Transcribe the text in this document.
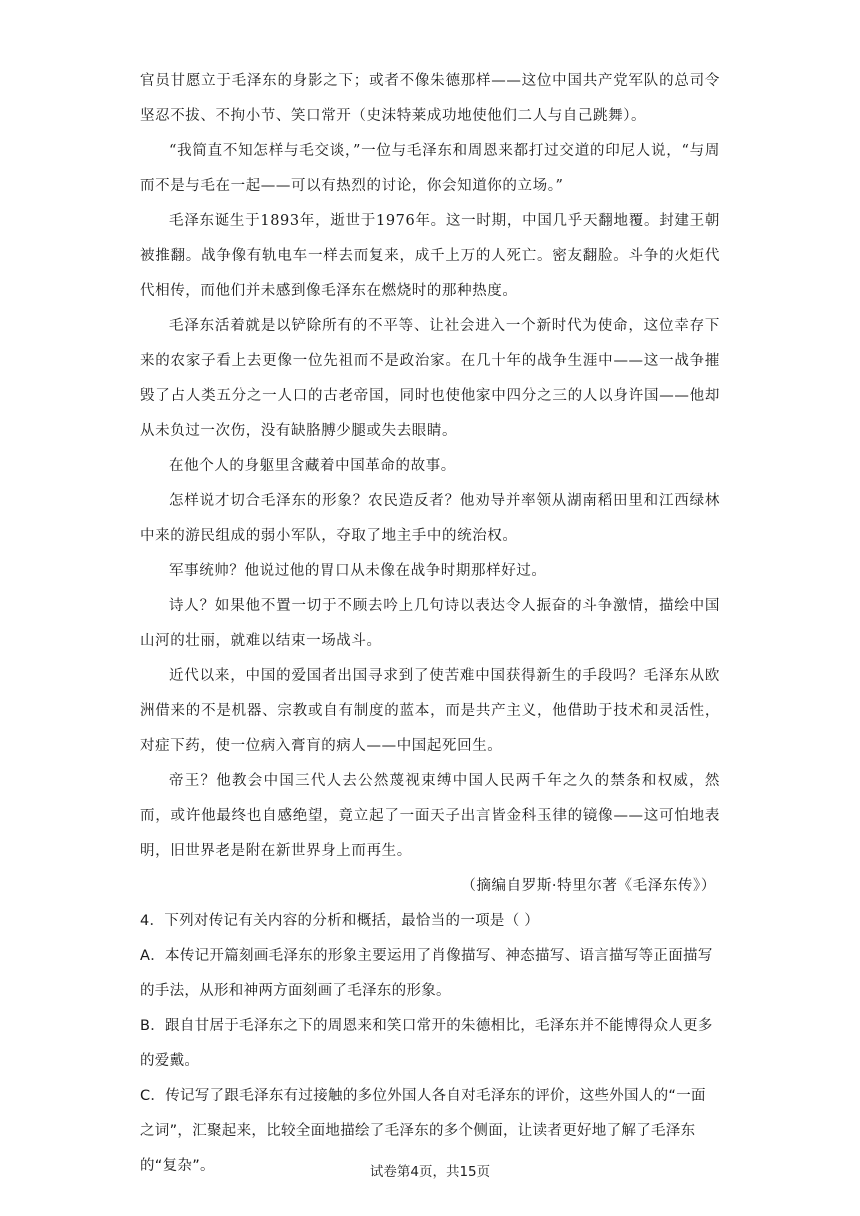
官员甘愿立于毛泽东的身影之下；或者不像朱德那样——这位中国共产党军队的总司令坚忍不拔、不拘小节、笑口常开（史沫特莱成功地使他们二人与自己跳舞）。

“我简直不知怎样与毛交谈，”一位与毛泽东和周恩来都打过交道的印尼人说，“与周而不是与毛在一起——可以有热烈的讨论，你会知道你的立场。”

毛泽东诞生于1893年，逝世于1976年。这一时期，中国几乎天翻地覆。封建王朝被推翻。战争像有轨电车一样去而复来，成千上万的人死亡。密友翻脸。斗争的火炬代代相传，而他们并未感到像毛泽东在燃烧时的那种热度。

毛泽东活着就是以铲除所有的不平等、让社会进入一个新时代为使命，这位幸存下来的农家子看上去更像一位先祖而不是政治家。在几十年的战争生涯中——这一战争摧毁了占人类五分之一人口的古老帝国，同时也使他家中四分之三的人以身许国——他却从未负过一次伤，没有缺胳膊少腿或失去眼睛。

在他个人的身躯里含藏着中国革命的故事。

怎样说才切合毛泽东的形象？农民造反者？他劝导并率领从湖南稻田里和江西绿林中来的游民组成的弱小军队，夺取了地主手中的统治权。

军事统帅？他说过他的胃口从未像在战争时期那样好过。

诗人？如果他不置一切于不顾去吟上几句诗以表达令人振奋的斗争激情，描绘中国山河的壮丽，就难以结束一场战斗。

近代以来，中国的爱国者出国寻求到了使苦难中国获得新生的手段吗？毛泽东从欧洲借来的不是机器、宗教或自有制度的蓝本，而是共产主义，他借助于技术和灵活性，对症下药，使一位病入膏肓的病人——中国起死回生。

帝王？他教会中国三代人去公然蔑视束缚中国人民两千年之久的禁条和权威，然而，或许他最终也自感绝望，竟立起了一面天子出言皆金科玉律的镜像——这可怕地表明，旧世界老是附在新世界身上而再生。

（摘编自罗斯·特里尔著《毛泽东传》）

4．下列对传记有关内容的分析和概括，最恰当的一项是（ ）

A．本传记开篇刻画毛泽东的形象主要运用了肖像描写、神态描写、语言描写等正面描写的手法，从形和神两方面刻画了毛泽东的形象。

B．跟自甘居于毛泽东之下的周恩来和笑口常开的朱德相比，毛泽东并不能博得众人更多的爱戴。

C．传记写了跟毛泽东有过接触的多位外国人各自对毛泽东的评价，这些外国人的“一面之词”，汇聚起来，比较全面地描绘了毛泽东的多个侧面，让读者更好地了解了毛泽东的“复杂”。	试卷第4页，共15页
